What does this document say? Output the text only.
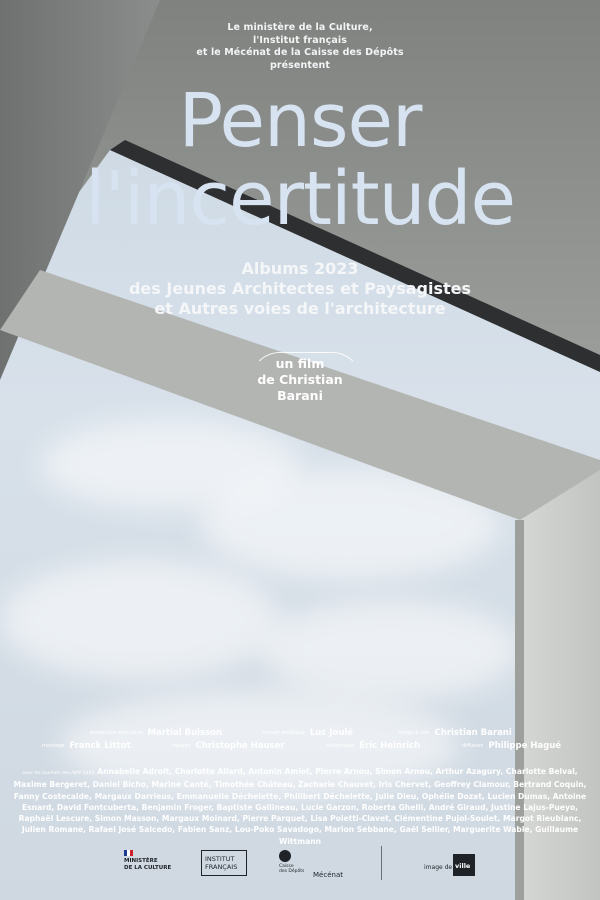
Le ministère de la Culture,
l'Institut français
et le Mécénat de la Caisse des Dépôts
présentent
Penser
l'incertitude
Albums 2023
des Jeunes Architectes et Paysagistes
et Autres voies de l'architecture
un film
de Christian
Barani
production exécutive Martial Buisson	conseil artistique Luc Joulé	image & son Christian Barani
montage Franck Littot	mixage Christophe Hauser	étalonnage Éric Heinrich	diffusion Philippe Hagué
avec les lauréats des AJAP 2023 Annabelle Adroit, Charlotte Allard, Antonin Amiot, Pierre Arnou, Simon Arnou, Arthur Azagury, Charlotte Belval, Maxime Bergeret, Daniel Bicho, Marine Canté, Timothée Château, Zacharie Chauvet, Iris Chervet, Geoffrey Clamour, Bertrand Coquin, Fanny Costecalde, Margaux Darrieus, Emmanuelle Déchelette, Philibert Déchelette, Julie Dieu, Ophélie Dozat, Lucien Dumas, Antoine Esnard, David Fontcuberta, Benjamin Froger, Baptiste Gallineau, Lucie Garzon, Roberta Ghelli, André Giraud, Justine Lajus-Pueyo, Raphaël Lescure, Simon Masson, Margaux Moinard, Pierre Parquet, Lisa Poletti-Clavet, Clémentine Pujol-Soulet, Margot Rieublanc, Julien Romane, Rafael José Salcedo, Fabien Sanz, Lou-Poko Savadogo, Marion Sebbane, Gaël Sellier, Marguerite Wable, Guillaume Wittmann
MINISTÈRE
DE LA CULTURE
INSTITUT
FRANÇAIS	Caisse
des Dépôts Mécénat
image de ville
